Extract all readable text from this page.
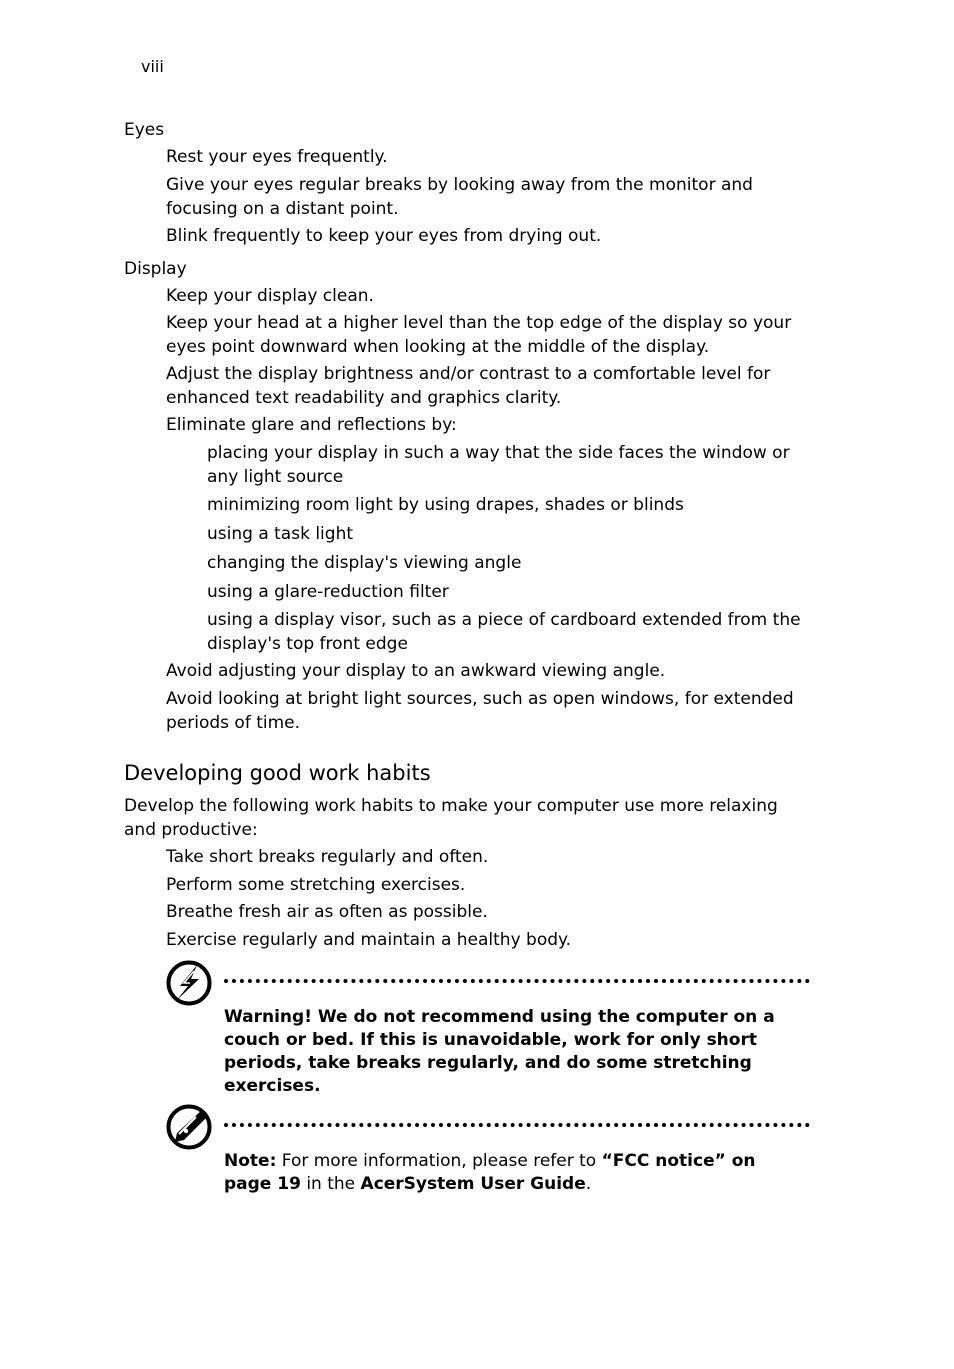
viii

Eyes

Rest your eyes frequently.

Give your eyes regular breaks by looking away from the monitor and focusing on a distant point.

Blink frequently to keep your eyes from drying out.

Display

Keep your display clean.

Keep your head at a higher level than the top edge of the display so your eyes point downward when looking at the middle of the display.

Adjust the display brightness and/or contrast to a comfortable level for enhanced text readability and graphics clarity.

Eliminate glare and reflections by:

placing your display in such a way that the side faces the window or any light source

minimizing room light by using drapes, shades or blinds

using a task light

changing the display's viewing angle

using a glare-reduction filter

using a display visor, such as a piece of cardboard extended from the display's top front edge

Avoid adjusting your display to an awkward viewing angle.

Avoid looking at bright light sources, such as open windows, for extended periods of time.

Developing good work habits

Develop the following work habits to make your computer use more relaxing and productive:

Take short breaks regularly and often.

Perform some stretching exercises.

Breathe fresh air as often as possible.

Exercise regularly and maintain a healthy body.

Warning! We do not recommend using the computer on a couch or bed. If this is unavoidable, work for only short periods, take breaks regularly, and do some stretching exercises.
Note: For more information, please refer to “FCC notice” on page 19 in the AcerSystem User Guide.
